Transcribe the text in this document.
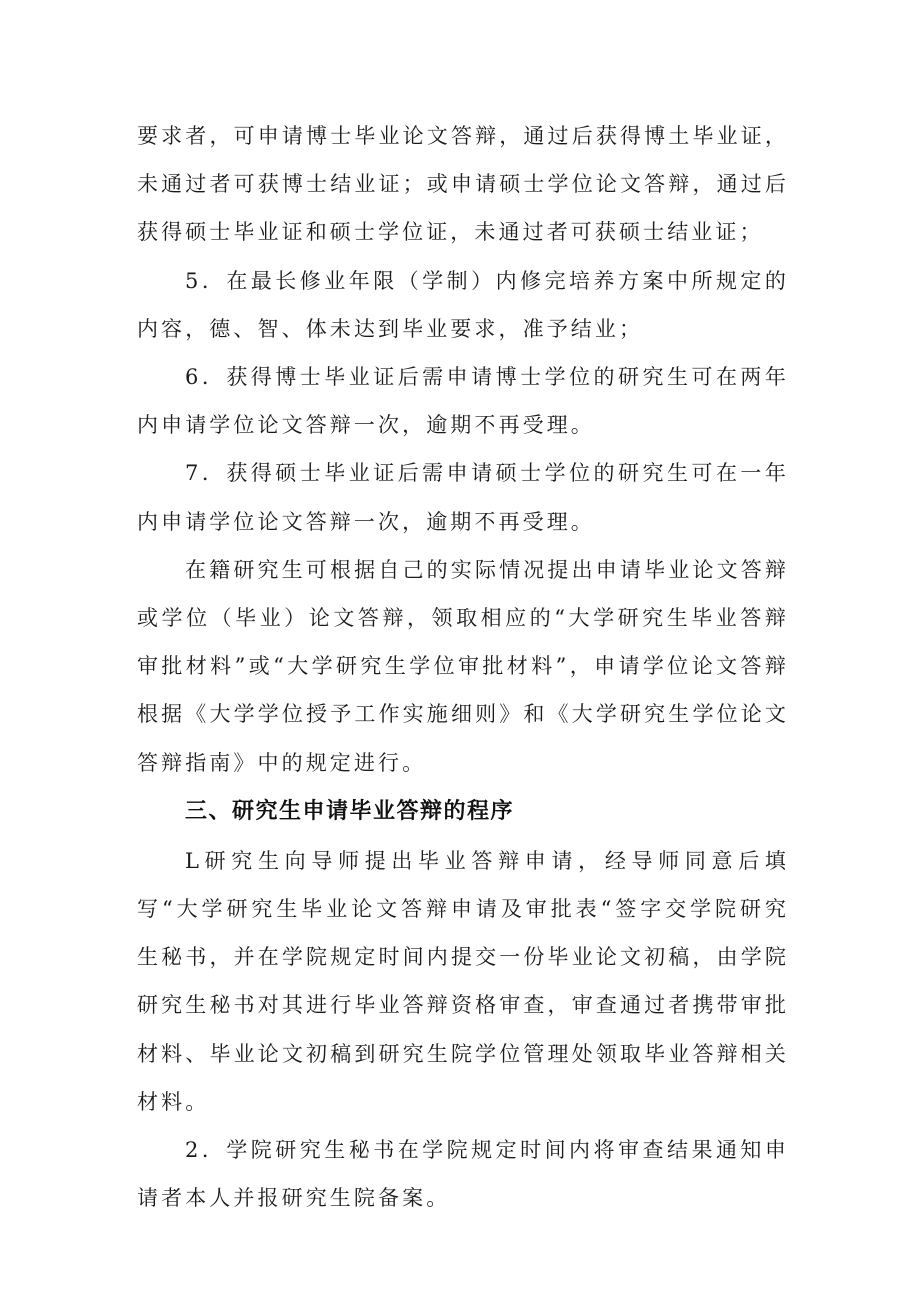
要求者，可申请博士毕业论文答辩，通过后获得博土毕业证，未通过者可获博士结业证；或申请硕士学位论文答辩，通过后获得硕士毕业证和硕士学位证，未通过者可获硕士结业证；

5．在最长修业年限（学制）内修完培养方案中所规定的内容，德、智、体未达到毕业要求，准予结业；

6．获得博士毕业证后需申请博士学位的研究生可在两年内申请学位论文答辩一次，逾期不再受理。

7．获得硕士毕业证后需申请硕士学位的研究生可在一年内申请学位论文答辩一次，逾期不再受理。

在籍研究生可根据自己的实际情况提出申请毕业论文答辩或学位（毕业）论文答辩，领取相应的“大学研究生毕业答辩审批材料”或“大学研究生学位审批材料”，申请学位论文答辩根据《大学学位授予工作实施细则》和《大学研究生学位论文答辩指南》中的规定进行。

三、研究生申请毕业答辩的程序

L研究生向导师提出毕业答辩申请，经导师同意后填写“大学研究生毕业论文答辩申请及审批表“签字交学院研究生秘书，并在学院规定时间内提交一份毕业论文初稿，由学院研究生秘书对其进行毕业答辩资格审查，审查通过者携带审批材料、毕业论文初稿到研究生院学位管理处领取毕业答辩相关材料。

2．学院研究生秘书在学院规定时间内将审查结果通知申请者本人并报研究生院备案。
